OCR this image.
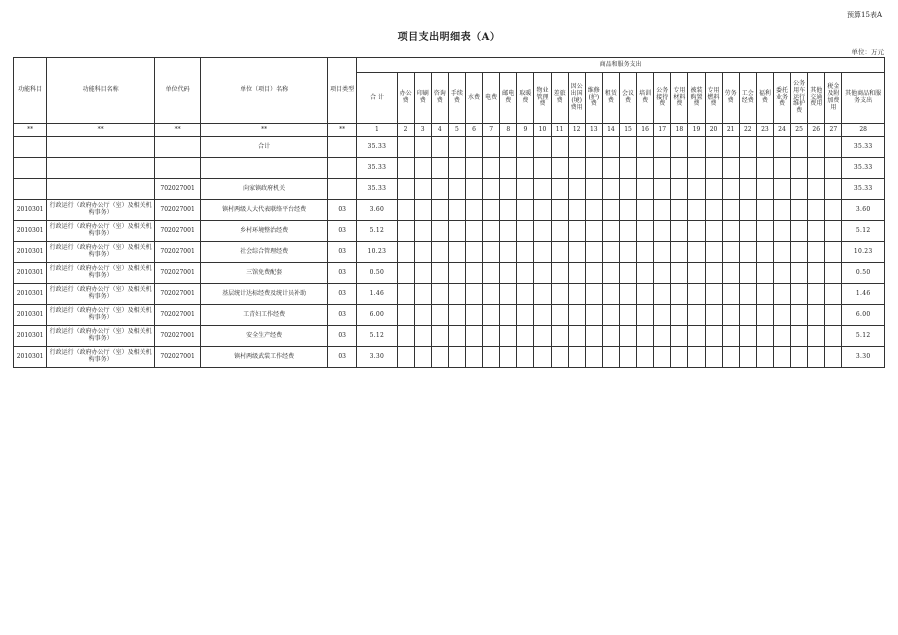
预算15表A
项目支出明细表（A）
单位：万元
功能科目	功能科目名称	单位代码	单位（项目）名称	项目类型	商品和服务支出																											
					合 计	办公费	印刷费	咨询费	手续费	水费	电费	邮电费	取暖费	物业管理费	差旅费	因公出国(境)费用	维修(护)费	租赁费	会议费	培训费	公务接待费	专用材料费	被装购置费	专用燃料费	劳务费	工会经费	福利费	委托业务费	公务用车运行维护费	其他交通费用	税金及附加费用	其他商品和服务支出
**	**	**	**	**	1	2	3	4	5	6	7	8	9	10	11	12	13	14	15	16	17	18	19	20	21	22	23	24	25	26	27	28
			合计		35.33																											35.33
					35.33																											35.33
		702027001	向家镇政府机关		35.33																											35.33
2010301	行政运行（政府办公厅（室）及相关机构事务）	702027001	镇村两级人大代表联络平台经费	03	3.60																											3.60
2010301	行政运行（政府办公厅（室）及相关机构事务）	702027001	乡村环境整治经费	03	5.12																											5.12
2010301	行政运行（政府办公厅（室）及相关机构事务）	702027001	社会综合管理经费	03	10.23																											10.23
2010301	行政运行（政府办公厅（室）及相关机构事务）	702027001	三馆免费配套	03	0.50																											0.50
2010301	行政运行（政府办公厅（室）及相关机构事务）	702027001	基层统计达标经费及统计员补助	03	1.46																											1.46
2010301	行政运行（政府办公厅（室）及相关机构事务）	702027001	工青妇工作经费	03	6.00																											6.00
2010301	行政运行（政府办公厅（室）及相关机构事务）	702027001	安全生产经费	03	5.12																											5.12
2010301	行政运行（政府办公厅（室）及相关机构事务）	702027001	镇村两级武装工作经费	03	3.30																											3.30
